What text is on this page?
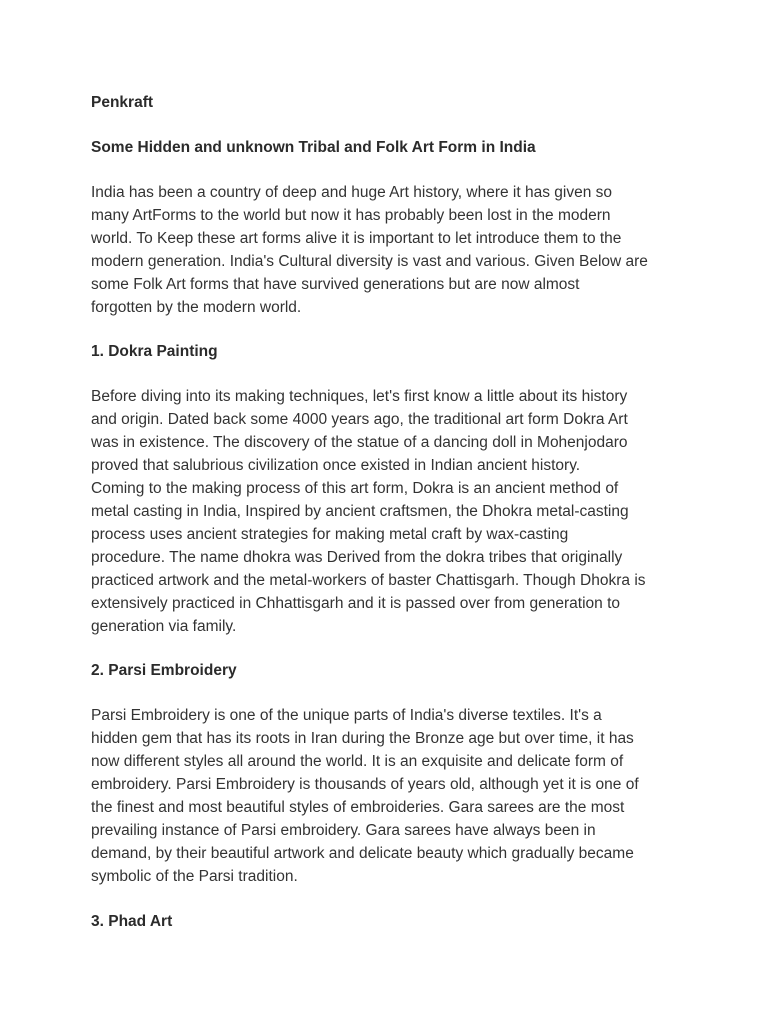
Penkraft
Some Hidden and unknown Tribal and Folk Art Form in India
India has been a country of deep and huge Art history, where it has given so
many ArtForms to the world but now it has probably been lost in the modern
world. To Keep these art forms alive it is important to let introduce them to the
modern generation. India's Cultural diversity is vast and various. Given Below are
some Folk Art forms that have survived generations but are now almost
forgotten by the modern world.
1. Dokra Painting
Before diving into its making techniques, let's first know a little about its history
and origin. Dated back some 4000 years ago, the traditional art form Dokra Art
was in existence. The discovery of the statue of a dancing doll in Mohenjodaro
proved that salubrious civilization once existed in Indian ancient history.
Coming to the making process of this art form, Dokra is an ancient method of
metal casting in India, Inspired by ancient craftsmen, the Dhokra metal-casting
process uses ancient strategies for making metal craft by wax-casting
procedure. The name dhokra was Derived from the dokra tribes that originally
practiced artwork and the metal-workers of baster Chattisgarh. Though Dhokra is
extensively practiced in Chhattisgarh and it is passed over from generation to
generation via family.
2. Parsi Embroidery
Parsi Embroidery is one of the unique parts of India's diverse textiles. It's a
hidden gem that has its roots in Iran during the Bronze age but over time, it has
now different styles all around the world. It is an exquisite and delicate form of
embroidery. Parsi Embroidery is thousands of years old, although yet it is one of
the finest and most beautiful styles of embroideries. Gara sarees are the most
prevailing instance of Parsi embroidery. Gara sarees have always been in
demand, by their beautiful artwork and delicate beauty which gradually became
symbolic of the Parsi tradition.
3. Phad Art
